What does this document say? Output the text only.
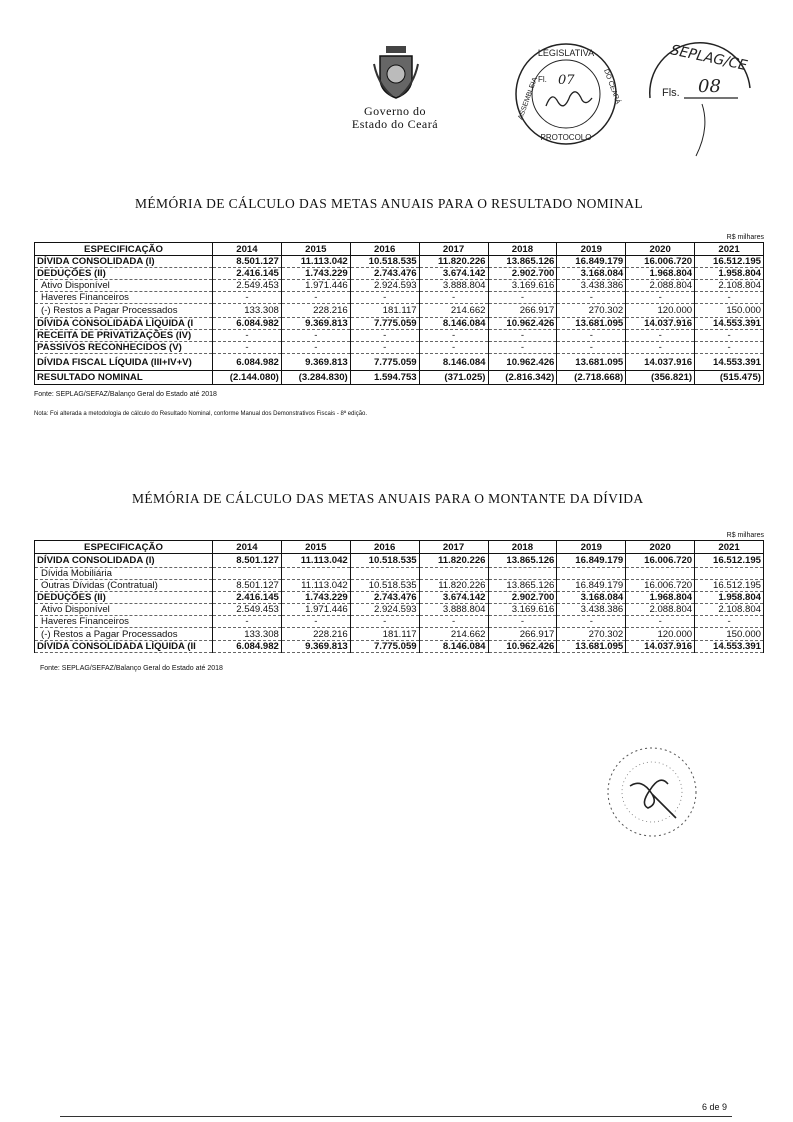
Governo do
Estado do Ceará
LEGISLATIVA
ASSEMBLEIA	DO CEARÁ
PROTOCOLO
Fl. 07
SEPLAG/CE
Fls. 08
MÉMÓRIA DE CÁLCULO DAS METAS ANUAIS PARA O RESULTADO NOMINAL
R$ milhares
ESPECIFICAÇÃO	2014	2015	2016	2017	2018	2019	2020	2021
DÍVIDA CONSOLIDADA (I)	8.501.127	11.113.042	10.518.535	11.820.226	13.865.126	16.849.179	16.006.720	16.512.195
DEDUÇÕES (II)	2.416.145	1.743.229	2.743.476	3.674.142	2.902.700	3.168.084	1.968.804	1.958.804
Ativo Disponível	2.549.453	1.971.446	2.924.593	3.888.804	3.169.616	3.438.386	2.088.804	2.108.804
Haveres Financeiros	-	-	-	-	-	-	-	-
(-) Restos a Pagar Processados	133.308	228.216	181.117	214.662	266.917	270.302	120.000	150.000
DÍVIDA CONSOLIDADA LÍQUIDA (I	6.084.982	9.369.813	7.775.059	8.146.084	10.962.426	13.681.095	14.037.916	14.553.391
RECEITA DE PRIVATIZAÇÕES (IV)	-	-	-	-	-	-	-	-
PASSIVOS RECONHECIDOS (V)	-	-	-	-	-	-	-	-
DÍVIDA FISCAL LÍQUIDA (III+IV+V)	6.084.982	9.369.813	7.775.059	8.146.084	10.962.426	13.681.095	14.037.916	14.553.391
RESULTADO NOMINAL	(2.144.080)	(3.284.830)	1.594.753	(371.025)	(2.816.342)	(2.718.668)	(356.821)	(515.475)
Fonte: SEPLAG/SEFAZ/Balanço Geral do Estado até 2018
Nota: Foi alterada a metodologia de cálculo do Resultado Nominal, conforme Manual dos Demonstrativos Fiscais - 8ª edição.
MÉMÓRIA DE CÁLCULO DAS METAS ANUAIS PARA O MONTANTE DA DÍVIDA
R$ milhares
ESPECIFICAÇÃO	2014	2015	2016	2017	2018	2019	2020	2021
DÍVIDA CONSOLIDADA (I)	8.501.127	11.113.042	10.518.535	11.820.226	13.865.126	16.849.179	16.006.720	16.512.195
Dívida Mobiliária								
Outras Dívidas (Contratual)	8.501.127	11.113.042	10.518.535	11.820.226	13.865.126	16.849.179	16.006.720	16.512.195
DEDUÇÕES (II)	2.416.145	1.743.229	2.743.476	3.674.142	2.902.700	3.168.084	1.968.804	1.958.804
Ativo Disponível	2.549.453	1.971.446	2.924.593	3.888.804	3.169.616	3.438.386	2.088.804	2.108.804
Haveres Financeiros	-	-	-	-	-	-	-	-
(-) Restos a Pagar Processados	133.308	228.216	181.117	214.662	266.917	270.302	120.000	150.000
DÍVIDA CONSOLIDADA LÍQUIDA (II	6.084.982	9.369.813	7.775.059	8.146.084	10.962.426	13.681.095	14.037.916	14.553.391
Fonte: SEPLAG/SEFAZ/Balanço Geral do Estado até 2018
6 de 9
